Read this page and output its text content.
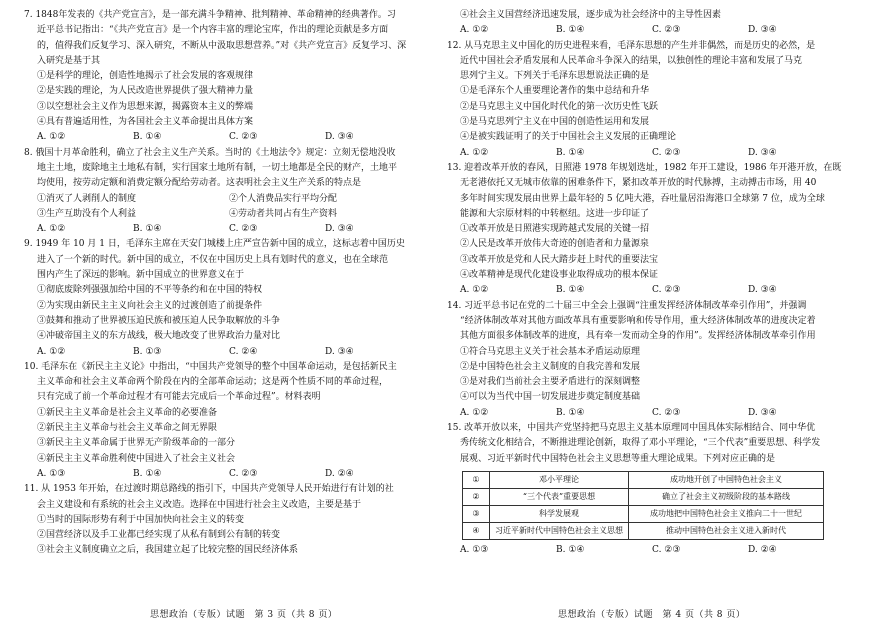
7. 1848年发表的《共产党宣言》，是一部充满斗争精神、批判精神、革命精神的经典著作。习

近平总书记指出：“《共产党宣言》是一个内容丰富的理论宝库，作出的理论贡献是多方面

的，值得我们反复学习、深入研究，不断从中汲取思想营养。”对《共产党宣言》反复学习、深

入研究是基于其

①是科学的理论，创造性地揭示了社会发展的客观规律

②是实践的理论，为人民改造世界提供了强大精神力量

③以空想社会主义作为思想来源，揭露资本主义的弊端

④具有普遍适用性，为各国社会主义革命提出具体方案

A. ①②	B. ①④	C. ②③	D. ③④

8. 俄国十月革命胜利，确立了社会主义生产关系。当时的《土地法令》规定：立刻无偿地没收

地主土地，废除地主土地私有制，实行国家土地所有制，一切土地都是全民的财产，土地平

均使用，按劳动定额和消费定额分配给劳动者。这表明社会主义生产关系的特点是

①消灭了人剥削人的制度	②个人消费品实行平均分配
③生产互助没有个人利益	④劳动者共同占有生产资料
A. ①②	B. ①④	C. ②③	D. ③④

9. 1949 年 10 月 1 日，毛泽东主席在天安门城楼上庄严宣告新中国的成立，这标志着中国历史

进入了一个新的时代。新中国的成立，不仅在中国历史上具有划时代的意义，也在全球范

围内产生了深远的影响。新中国成立的世界意义在于

①彻底废除列强强加给中国的不平等条约和在中国的特权

②为实现由新民主主义向社会主义的过渡创造了前提条件

③鼓舞和推动了世界被压迫民族和被压迫人民争取解放的斗争

④冲破帝国主义的东方战线，极大地改变了世界政治力量对比

A. ①②	B. ①③	C. ②④	D. ③④

10. 毛泽东在《新民主主义论》中指出，“中国共产党领导的整个中国革命运动，是包括新民主

主义革命和社会主义革命两个阶段在内的全部革命运动；这是两个性质不同的革命过程，

只有完成了前一个革命过程才有可能去完成后一个革命过程”。材料表明

①新民主主义革命是社会主义革命的必要准备

②新民主主义革命与社会主义革命之间无界限

③新民主主义革命属于世界无产阶级革命的一部分

④新民主主义革命胜利使中国进入了社会主义社会

A. ①③	B. ①④	C. ②③	D. ②④

11. 从 1953 年开始，在过渡时期总路线的指引下，中国共产党领导人民开始进行有计划的社

会主义建设和有系统的社会主义改造。选择在中国进行社会主义改造，主要是基于

①当时的国际形势有利于中国加快向社会主义的转变

②国营经济以及手工业都已经实现了从私有制到公有制的转变

③社会主义制度确立之后，我国建立起了比较完整的国民经济体系

④社会主义国营经济迅速发展，逐步成为社会经济中的主导性因素

A. ①②	B. ①④	C. ②③	D. ③④

12. 从马克思主义中国化的历史进程来看，毛泽东思想的产生并非偶然，而是历史的必然，是

近代中国社会矛盾发展和人民革命斗争深入的结果，以独创性的理论丰富和发展了马克

思列宁主义。下列关于毛泽东思想说法正确的是

①是毛泽东个人重要理论著作的集中总结和升华

②是马克思主义中国化时代化的第一次历史性飞跃

③是马克思列宁主义在中国的创造性运用和发展

④是被实践证明了的关于中国社会主义发展的正确理论

A. ①②	B. ①④	C. ②③	D. ③④

13. 迎着改革开放的春风，日照港 1978 年规划选址，1982 年开工建设，1986 年开港开放，在既

无老港依托又无城市依靠的困难条件下，紧扣改革开放的时代脉搏，主动搏击市场，用 40

多年时间实现发展由世界上最年轻的 5 亿吨大港，吞吐量居沿海港口全球第 7 位，成为全球

能源和大宗原材料的中转枢纽。这进一步印证了

①改革开放是日照港实现跨越式发展的关键一招

②人民是改革开放伟大奇迹的创造者和力量源泉

③改革开放是党和人民大踏步赶上时代的重要法宝

④改革精神是现代化建设事业取得成功的根本保证

A. ①②	B. ①④	C. ②③	D. ③④

14. 习近平总书记在党的二十届三中全会上强调“注重发挥经济体制改革牵引作用”，并强调

“经济体制改革对其他方面改革具有重要影响和传导作用，重大经济体制改革的进度决定着

其他方面很多体制改革的进度，具有牵一发而动全身的作用”。发挥经济体制改革牵引作用

①符合马克思主义关于社会基本矛盾运动原理

②是中国特色社会主义制度的自我完善和发展

③是对我们当前社会主要矛盾进行的深刻调整

④可以为当代中国一切发展进步奠定制度基础

A. ①②	B. ①④	C. ②③	D. ③④

15. 改革开放以来，中国共产党坚持把马克思主义基本原理同中国具体实际相结合、同中华优

秀传统文化相结合，不断推进理论创新，取得了邓小平理论，“三个代表”重要思想、科学发

展观、习近平新时代中国特色社会主义思想等重大理论成果。下列对应正确的是

①	邓小平理论	成功地开创了中国特色社会主义
②	“三个代表”重要思想	确立了社会主义初级阶段的基本路线
③	科学发展观	成功地把中国特色社会主义推向二十一世纪
④	习近平新时代中国特色社会主义思想	推动中国特色社会主义进入新时代
A. ①③	B. ①④	C. ②③	D. ②④
思想政治（专版）试题　第 3 页（共 8 页）	思想政治（专版）试题　第 4 页（共 8 页）
